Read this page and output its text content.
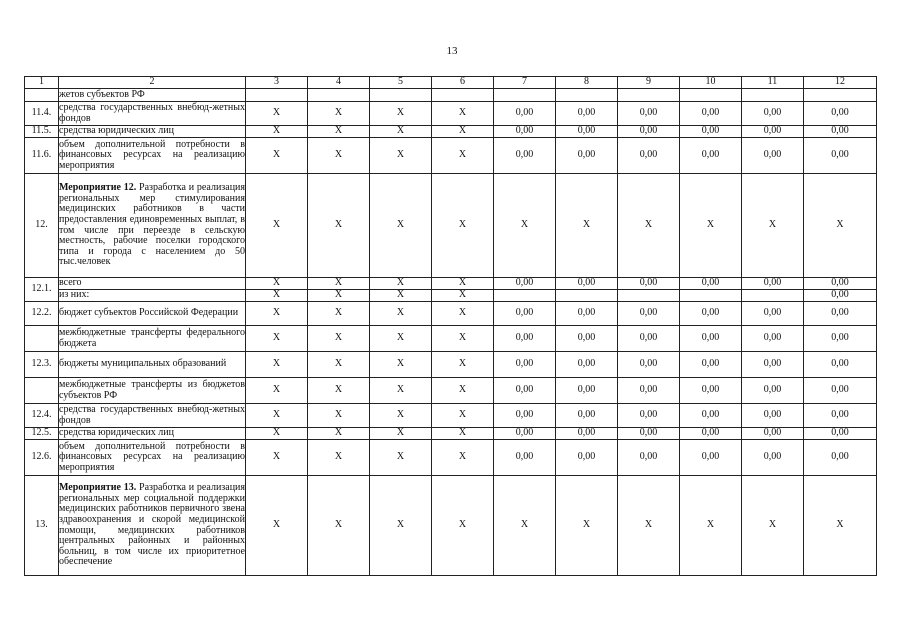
13
1	2	3	4	5	6	7	8	9	10	11	12
	жетов субъектов РФ										
11.4.	средства государственных внебюд-жетных фондов	X	X	X	X	0,00	0,00	0,00	0,00	0,00	0,00
11.5.	средства юридических лиц	X	X	X	X	0,00	0,00	0,00	0,00	0,00	0,00
11.6.	объем дополнительной потребности в финансовых ресурсах на реализацию мероприятия	X	X	X	X	0,00	0,00	0,00	0,00	0,00	0,00
12.	Мероприятие 12. Разработка и реализация региональных мер стимулирования медицинских работников в части предоставления единовременных выплат, в том числе при переезде в сельскую местность, рабочие поселки городского типа и города с населением до 50 тыс.человек	X	X	X	X	X	X	X	X	X	X
12.1.	всего	X	X	X	X	0,00	0,00	0,00	0,00	0,00	0,00
	из них:	X	X	X	X						0,00
12.2.	бюджет субъектов Российской Федерации	X	X	X	X	0,00	0,00	0,00	0,00	0,00	0,00
	межбюджетные трансферты федерального бюджета	X	X	X	X	0,00	0,00	0,00	0,00	0,00	0,00
12.3.	бюджеты муниципальных образований	X	X	X	X	0,00	0,00	0,00	0,00	0,00	0,00
	межбюджетные трансферты из бюджетов субъектов РФ	X	X	X	X	0,00	0,00	0,00	0,00	0,00	0,00
12.4.	средства государственных внебюд-жетных фондов	X	X	X	X	0,00	0,00	0,00	0,00	0,00	0,00
12.5.	средства юридических лиц	X	X	X	X	0,00	0,00	0,00	0,00	0,00	0,00
12.6.	объем дополнительной потребности в финансовых ресурсах на реализацию мероприятия	X	X	X	X	0,00	0,00	0,00	0,00	0,00	0,00
13.	Мероприятие 13. Разработка и реализация региональных мер социальной поддержки медицинских работников первичного звена здравоохранения и скорой медицинской помощи, медицинских работников центральных районных и районных больниц, в том числе их приоритетное обеспечение	X	X	X	X	X	X	X	X	X	X
